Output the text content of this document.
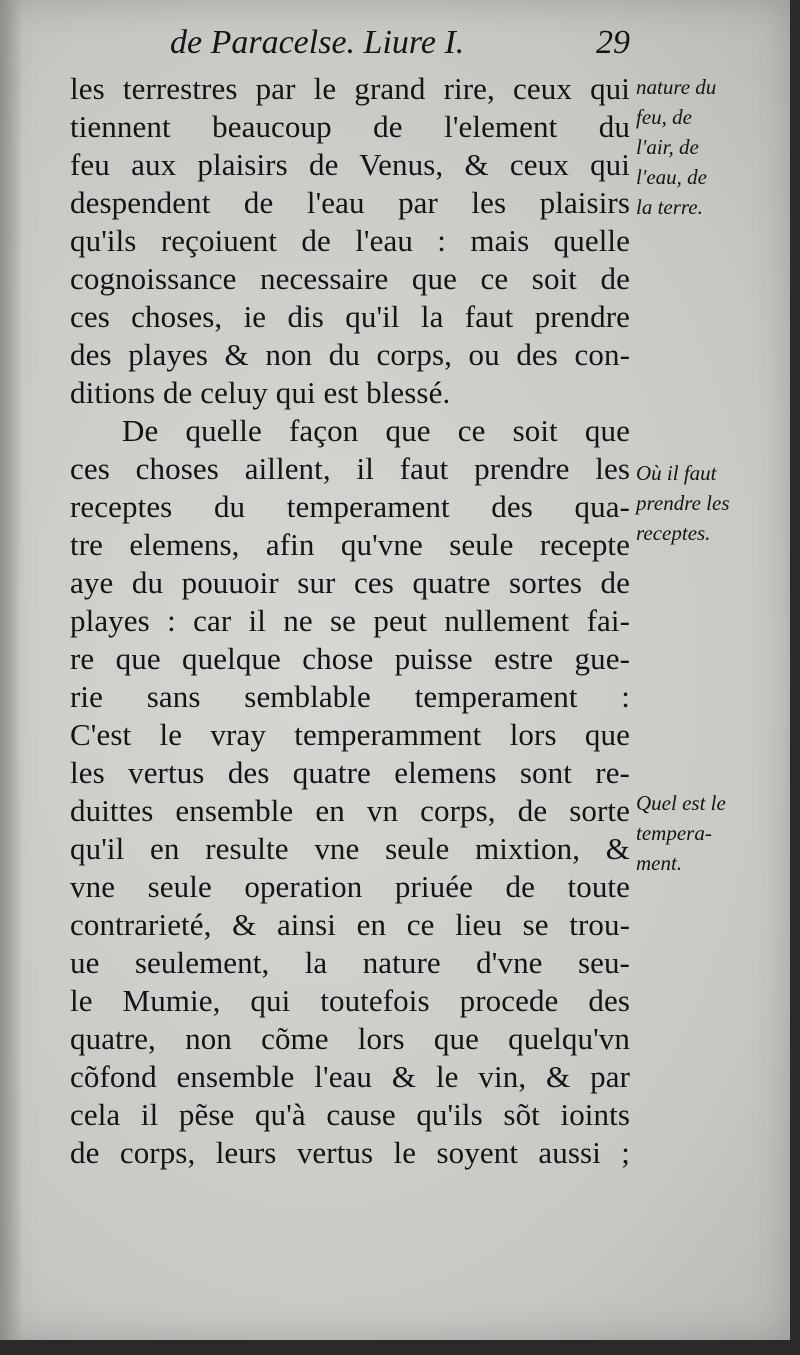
de Paracelse. Liure I.	29
les terrestres par le grand rire, ceux qui
tiennent beaucoup de l'element du
feu aux plaisirs de Venus, & ceux qui
despendent de l'eau par les plaisirs
qu'ils reçoiuent de l'eau : mais quelle
cognoissance necessaire que ce soit de
ces choses, ie dis qu'il la faut prendre
des playes & non du corps, ou des con-
ditions de celuy qui est blessé.
De quelle façon que ce soit que
ces choses aillent, il faut prendre les
receptes du temperament des qua-
tre elemens, afin qu'vne seule recepte
aye du pouuoir sur ces quatre sortes de
playes : car il ne se peut nullement fai-
re que quelque chose puisse estre gue-
rie sans semblable temperament :
C'est le vray temperamment lors que
les vertus des quatre elemens sont re-
duittes ensemble en vn corps, de sorte
qu'il en resulte vne seule mixtion, &
vne seule operation priuée de toute
contrarieté, & ainsi en ce lieu se trou-
ue seulement, la nature d'vne seu-
le Mumie, qui toutefois procede des
quatre, non cõme lors que quelqu'vn
cõfond ensemble l'eau & le vin, & par
cela il pẽse qu'à cause qu'ils sõt ioints
de corps, leurs vertus le soyent aussi ;
nature du
feu, de
l'air, de
l'eau, de
la terre.
Où il faut
prendre les
receptes.
Quel est le
tempera-
ment.
